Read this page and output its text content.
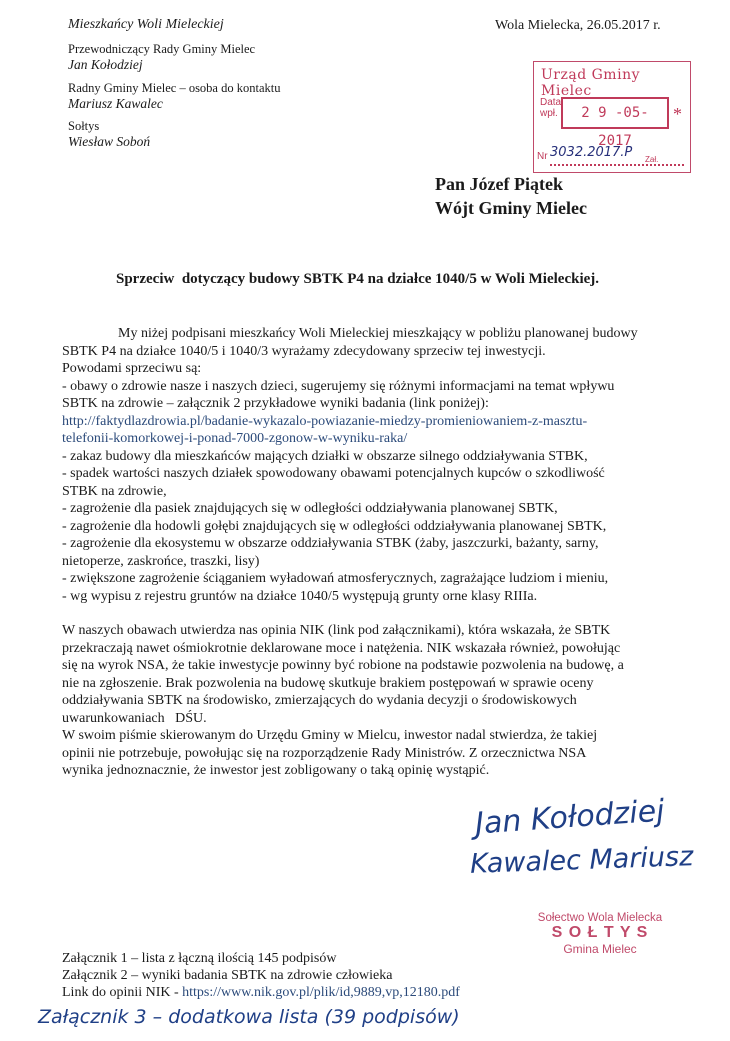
Mieszkańcy Woli Mieleckiej
Przewodniczący Rady Gminy Mielec
Jan Kołodziej
Radny Gminy Mielec – osoba do kontaktu
Mariusz Kawalec
Sołtys
Wiesław Soboń
Wola Mielecka, 26.05.2017 r.
Urząd Gminy Mielec
Data
wpł.	2 9 -05- 2017
*
Nr 3032.2017.P Zał.
Pan Józef Piątek
Wójt Gminy Mielec
Sprzeciw  dotyczący budowy SBTK P4 na działce 1040/5 w Woli Mieleckiej.
My niżej podpisani mieszkańcy Woli Mieleckiej mieszkający w pobliżu planowanej budowy
SBTK P4 na działce 1040/5 i 1040/3 wyrażamy zdecydowany sprzeciw tej inwestycji.
Powodami sprzeciwu są:
- obawy o zdrowie nasze i naszych dzieci, sugerujemy się różnymi informacjami na temat wpływu
SBTK na zdrowie – załącznik 2 przykładowe wyniki badania (link poniżej):
http://faktydlazdrowia.pl/badanie-wykazalo-powiazanie-miedzy-promieniowaniem-z-masztu-
telefonii-komorkowej-i-ponad-7000-zgonow-w-wyniku-raka/
- zakaz budowy dla mieszkańców mających działki w obszarze silnego oddziaływania STBK,
- spadek wartości naszych działek spowodowany obawami potencjalnych kupców o szkodliwość
STBK na zdrowie,
- zagrożenie dla pasiek znajdujących się w odległości oddziaływania planowanej SBTK,
- zagrożenie dla hodowli gołębi znajdujących się w odległości oddziaływania planowanej SBTK,
- zagrożenie dla ekosystemu w obszarze oddziaływania STBK (żaby, jaszczurki, bażanty, sarny,
nietoperze, zaskrońce, traszki, lisy)
- zwiększone zagrożenie ściąganiem wyładowań atmosferycznych, zagrażające ludziom i mieniu,
- wg wypisu z rejestru gruntów na działce 1040/5 występują grunty orne klasy RIIIa.
W naszych obawach utwierdza nas opinia NIK (link pod załącznikami), która wskazała, że SBTK
przekraczają nawet ośmiokrotnie deklarowane moce i natężenia. NIK wskazała również, powołując
się na wyrok NSA, że takie inwestycje powinny być robione na podstawie pozwolenia na budowę, a
nie na zgłoszenie. Brak pozwolenia na budowę skutkuje brakiem postępowań w sprawie oceny
oddziaływania SBTK na środowisko, zmierzających do wydania decyzji o środowiskowych
uwarunkowaniach   DŚU.
W swoim piśmie skierowanym do Urzędu Gminy w Mielcu, inwestor nadal stwierdza, że takiej
opinii nie potrzebuje, powołując się na rozporządzenie Rady Ministrów. Z orzecznictwa NSA
wynika jednoznacznie, że inwestor jest zobligowany o taką opinię wystąpić.
Jan Kołodziej
Kawalec Mariusz
Sołectwo Wola Mielecka
S O Ł T Y S
Gmina Mielec
Załącznik 1 – lista z łączną ilością 145 podpisów
Załącznik 2 – wyniki badania SBTK na zdrowie człowieka
Link do opinii NIK - https://www.nik.gov.pl/plik/id,9889,vp,12180.pdf
Załącznik 3 – dodatkowa lista (39 podpisów)
